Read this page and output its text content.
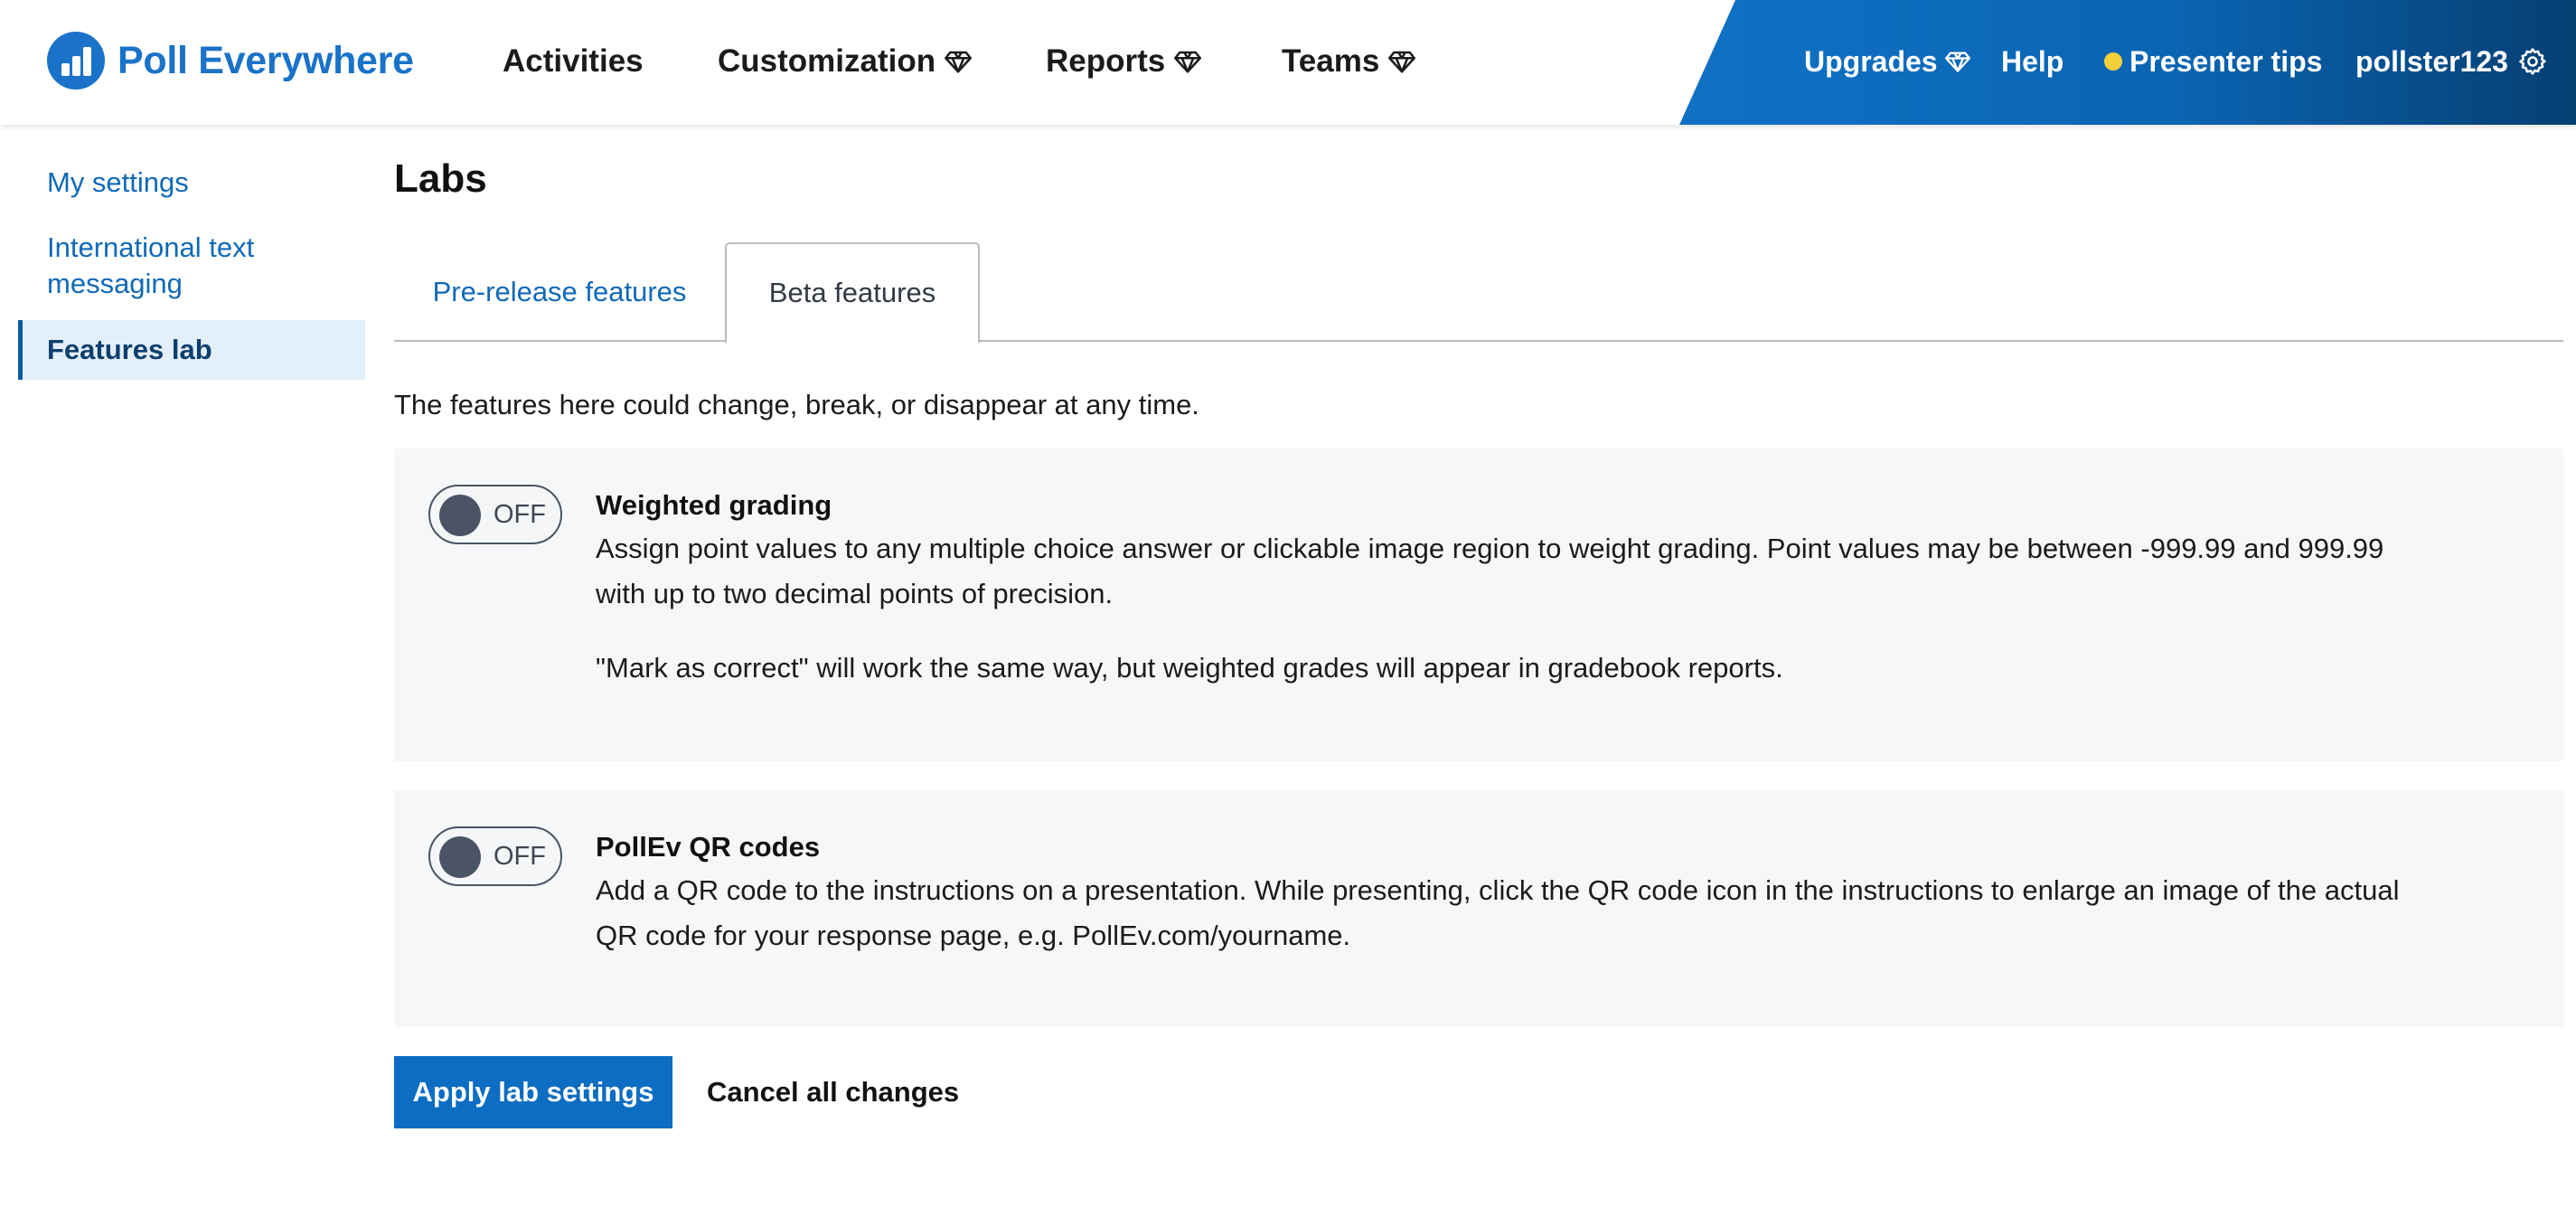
Poll Everywhere	Activities Customization	Reports	Teams	Upgrades Help Presenter tips pollster123
My settings
International text messaging
Features lab
Labs
Pre-release features	Beta features

The features here could change, break, or disappear at any time.

OFF Weighted grading

Assign point values to any multiple choice answer or clickable image region to weight grading. Point values may be between -999.99 and 999.99 with up to two decimal points of precision.

"Mark as correct" will work the same way, but weighted grades will appear in gradebook reports.

OFF PollEv QR codes

Add a QR code to the instructions on a presentation. While presenting, click the QR code icon in the instructions to enlarge an image of the actual QR code for your response page, e.g. PollEv.com/yourname.

Apply lab settings	Cancel all changes
